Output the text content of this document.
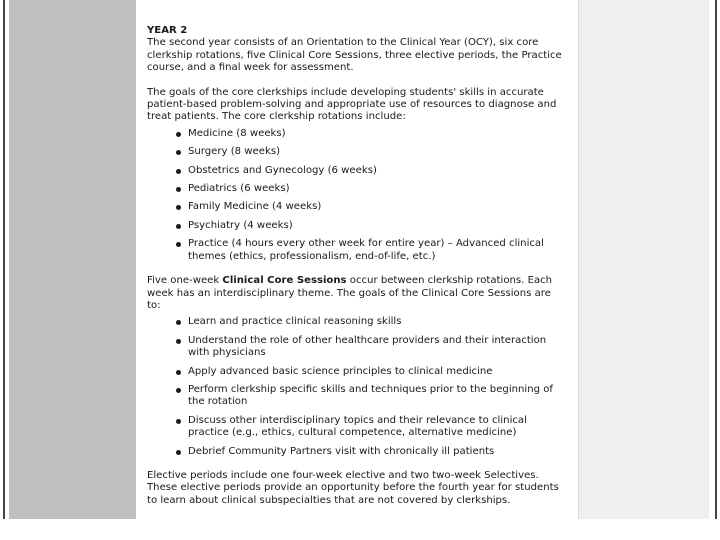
YEAR 2

The second year consists of an Orientation to the Clinical Year (OCY), six core clerkship rotations, five Clinical Core Sessions, three elective periods, the Practice course, and a final week for assessment.

The goals of the core clerkships include developing students' skills in accurate patient-based problem-solving and appropriate use of resources to diagnose and treat patients. The core clerkship rotations include:

Medicine (8 weeks)
Surgery (8 weeks)
Obstetrics and Gynecology (6 weeks)
Pediatrics (6 weeks)
Family Medicine (4 weeks)
Psychiatry (4 weeks)
Practice (4 hours every other week for entire year) – Advanced clinical themes (ethics, professionalism, end-of-life, etc.)

Five one-week Clinical Core Sessions occur between clerkship rotations. Each week has an interdisciplinary theme. The goals of the Clinical Core Sessions are to:

Learn and practice clinical reasoning skills
Understand the role of other healthcare providers and their interaction with physicians
Apply advanced basic science principles to clinical medicine
Perform clerkship specific skills and techniques prior to the beginning of the rotation
Discuss other interdisciplinary topics and their relevance to clinical practice (e.g., ethics, cultural competence, alternative medicine)
Debrief Community Partners visit with chronically ill patients

Elective periods include one four-week elective and two two-week Selectives. These elective periods provide an opportunity before the fourth year for students to learn about clinical subspecialties that are not covered by clerkships.
